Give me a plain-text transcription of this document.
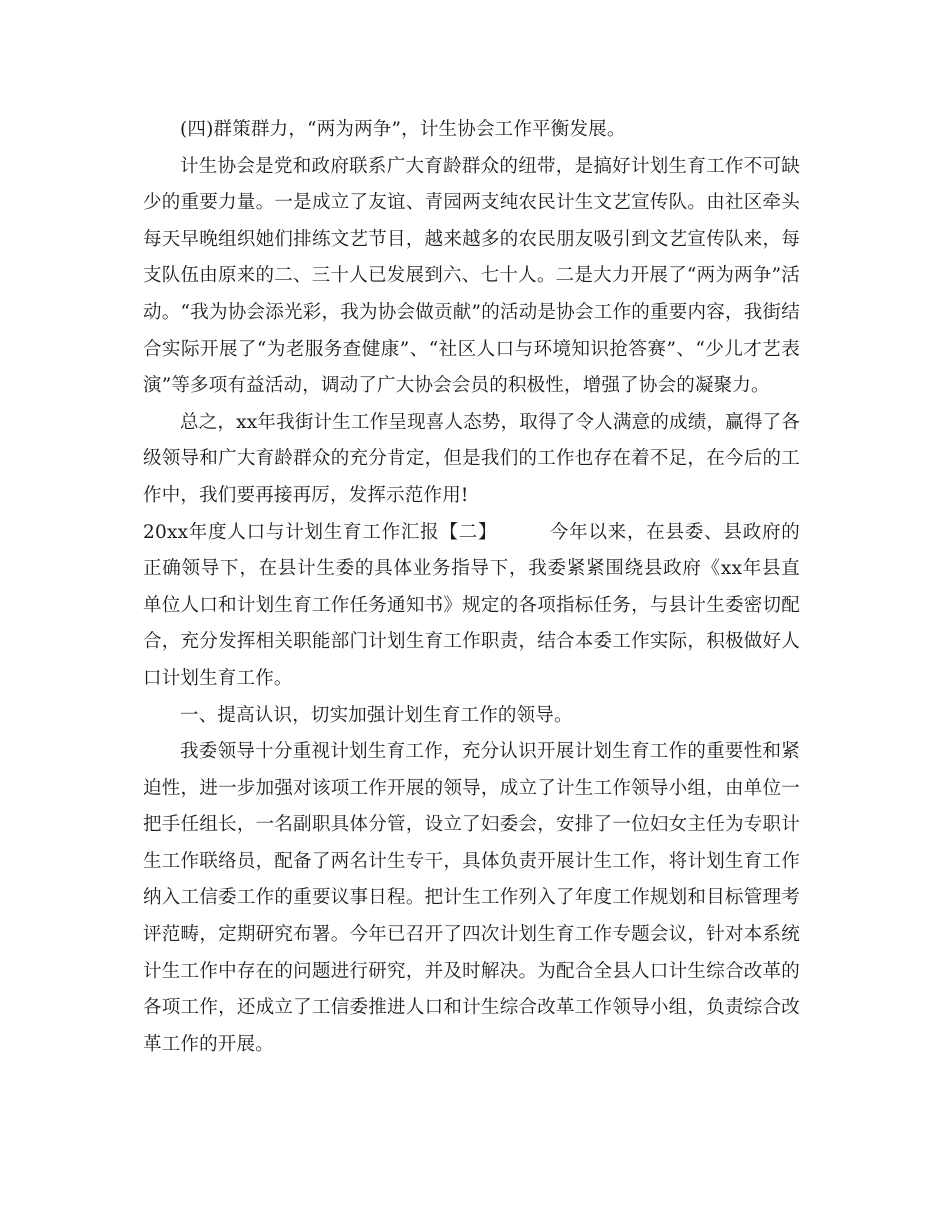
(四)群策群力，“两为两争”，计生协会工作平衡发展。

计生协会是党和政府联系广大育龄群众的纽带，是搞好计划生育工作不可缺少的重要力量。一是成立了友谊、青园两支纯农民计生文艺宣传队。由社区牵头每天早晚组织她们排练文艺节目，越来越多的农民朋友吸引到文艺宣传队来，每支队伍由原来的二、三十人已发展到六、七十人。二是大力开展了“两为两争”活动。“我为协会添光彩，我为协会做贡献”的活动是协会工作的重要内容，我街结合实际开展了“为老服务查健康”、“社区人口与环境知识抢答赛”、“少儿才艺表演”等多项有益活动，调动了广大协会会员的积极性，增强了协会的凝聚力。

总之，xx年我街计生工作呈现喜人态势，取得了令人满意的成绩，赢得了各级领导和广大育龄群众的充分肯定，但是我们的工作也存在着不足，在今后的工作中，我们要再接再厉，发挥示范作用!

20xx年度人口与计划生育工作汇报【二】	今年以来，在县委、县政府的正确领导下，在县计生委的具体业务指导下，我委紧紧围绕县政府《xx年县直单位人口和计划生育工作任务通知书》规定的各项指标任务，与县计生委密切配合，充分发挥相关职能部门计划生育工作职责，结合本委工作实际，积极做好人口计划生育工作。

一、提高认识，切实加强计划生育工作的领导。

我委领导十分重视计划生育工作，充分认识开展计划生育工作的重要性和紧迫性，进一步加强对该项工作开展的领导，成立了计生工作领导小组，由单位一把手任组长，一名副职具体分管，设立了妇委会，安排了一位妇女主任为专职计生工作联络员，配备了两名计生专干，具体负责开展计生工作，将计划生育工作纳入工信委工作的重要议事日程。把计生工作列入了年度工作规划和目标管理考评范畴，定期研究布署。今年已召开了四次计划生育工作专题会议，针对本系统计生工作中存在的问题进行研究，并及时解决。为配合全县人口计生综合改革的各项工作，还成立了工信委推进人口和计生综合改革工作领导小组，负责综合改革工作的开展。
